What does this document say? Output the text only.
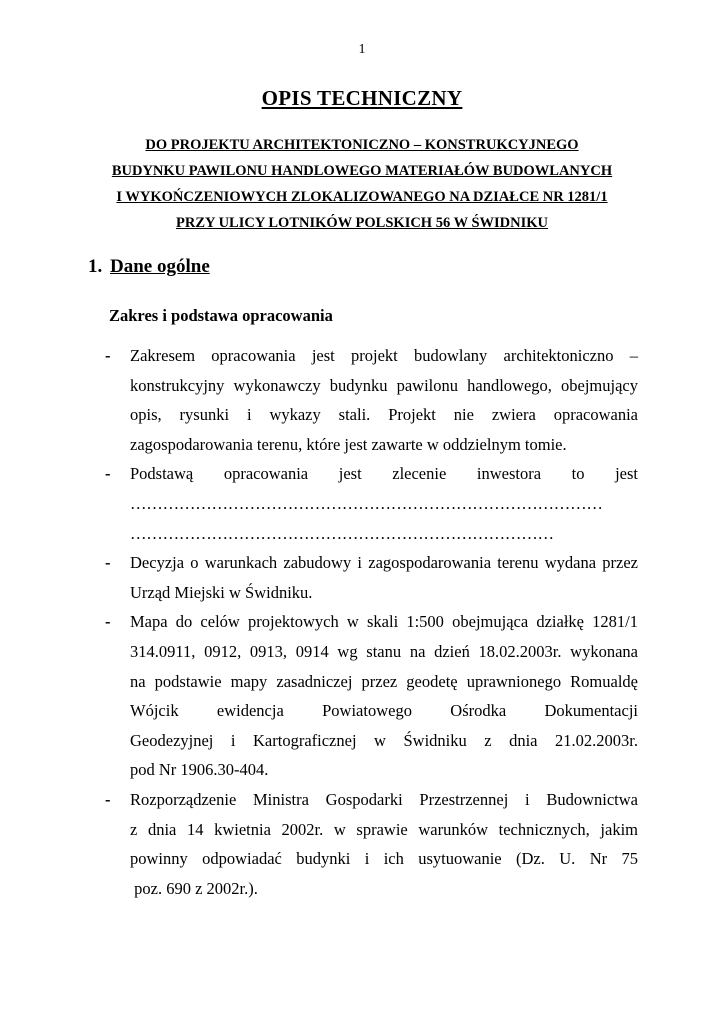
1
OPIS TECHNICZNY
DO PROJEKTU ARCHITEKTONICZNO – KONSTRUKCYJNEGO
BUDYNKU PAWILONU HANDLOWEGO MATERIAŁÓW BUDOWLANYCH
I WYKOŃCZENIOWYCH ZLOKALIZOWANEGO NA DZIAŁCE NR 1281/1
PRZY ULICY LOTNIKÓW POLSKICH 56 W ŚWIDNIKU
1. Dane ogólne
Zakres i podstawa opracowania
- Zakresem opracowania jest projekt budowlany architektoniczno –
konstrukcyjny wykonawczy budynku pawilonu handlowego, obejmujący
opis, rysunki i wykazy stali. Projekt nie zwiera opracowania
zagospodarowania terenu, które jest zawarte w oddzielnym tomie.
- Podstawą opracowania jest zlecenie inwestora to jest
……………………………………………………………………………
……………………………………………………………………
- Decyzja o warunkach zabudowy i zagospodarowania terenu wydana przez
Urząd Miejski w Świdniku.
- Mapa do celów projektowych w skali 1:500 obejmująca działkę 1281/1
314.0911, 0912, 0913, 0914 wg stanu na dzień 18.02.2003r. wykonana
na podstawie mapy zasadniczej przez geodetę uprawnionego Romualdę
Wójcik ewidencja Powiatowego Ośrodka Dokumentacji
Geodezyjnej i Kartograficznej w Świdniku z dnia 21.02.2003r.
pod Nr 1906.30-404.
- Rozporządzenie Ministra Gospodarki Przestrzennej i Budownictwa
z dnia 14 kwietnia 2002r. w sprawie warunków technicznych, jakim
powinny odpowiadać budynki i ich usytuowanie (Dz. U. Nr 75
poz. 690 z 2002r.).
